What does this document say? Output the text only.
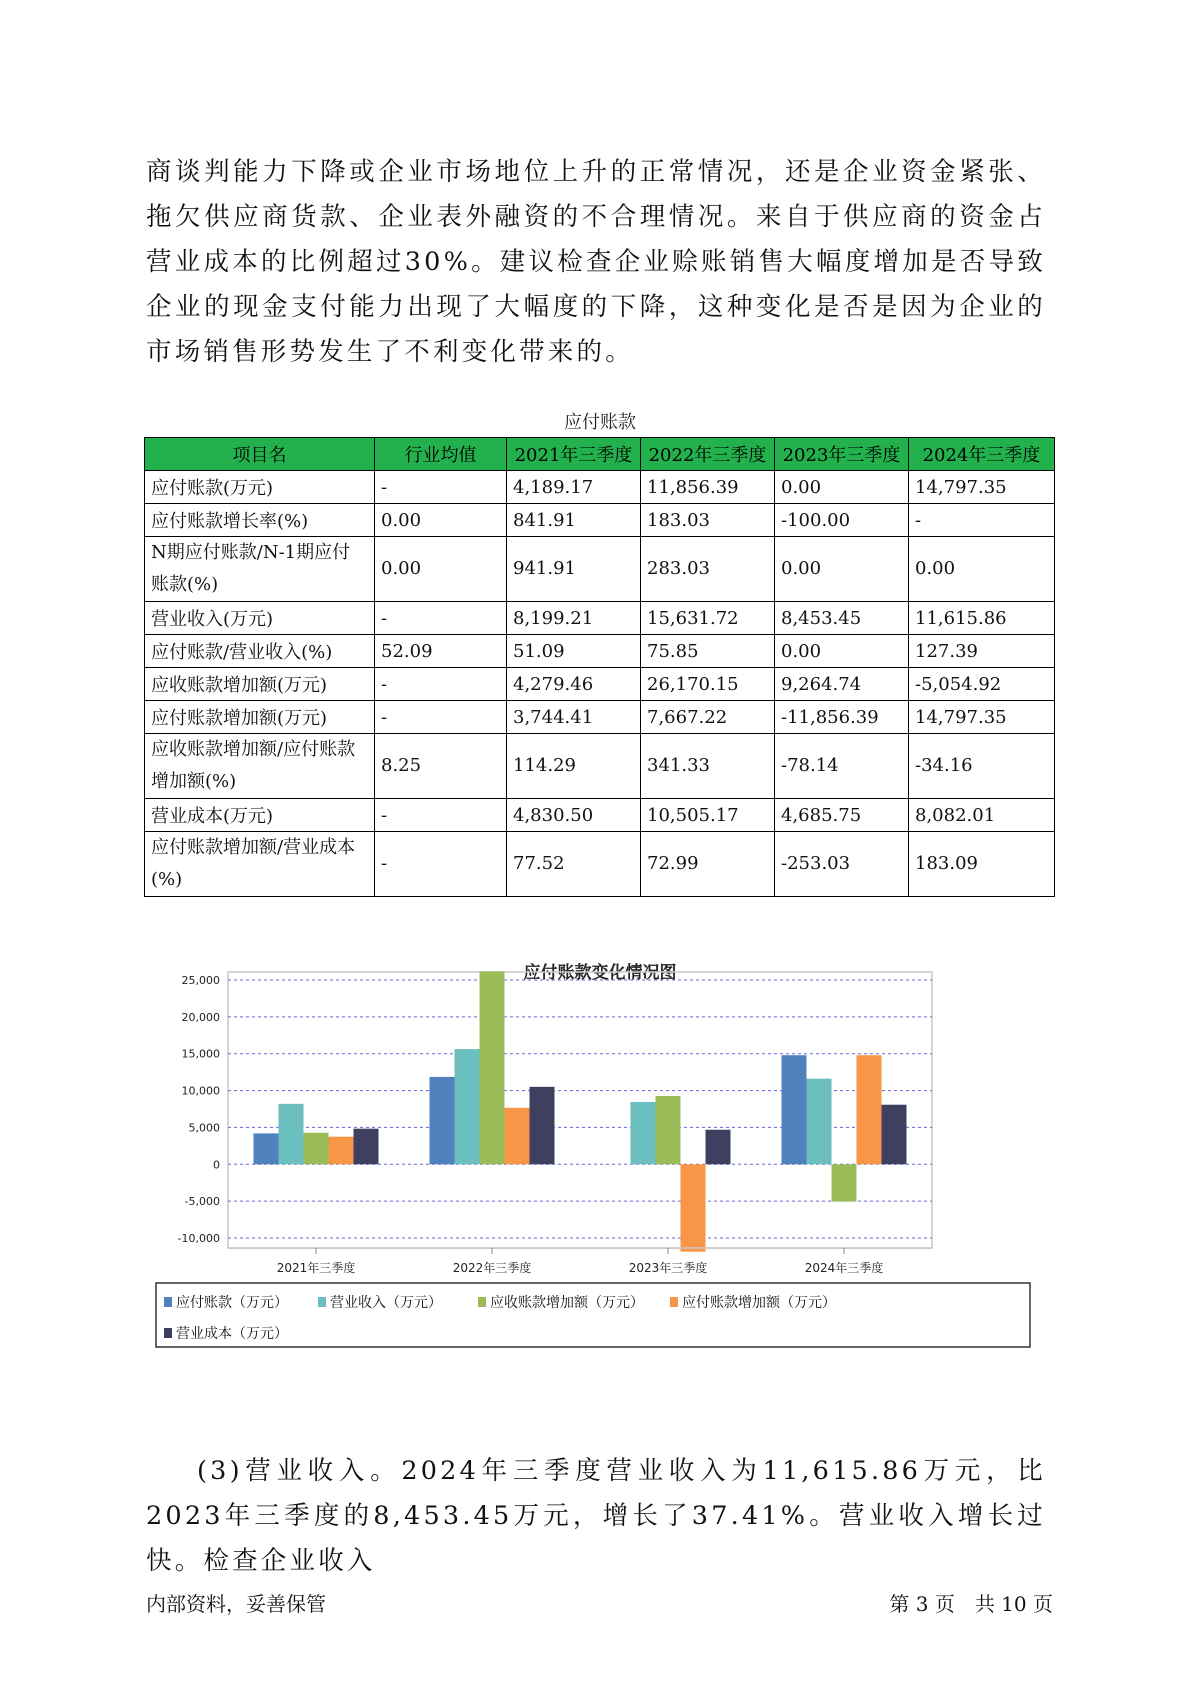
商谈判能力下降或企业市场地位上升的正常情况，还是企业资金紧张、拖欠供应商货款、企业表外融资的不合理情况。来自于供应商的资金占营业成本的比例超过30%。建议检查企业赊账销售大幅度增加是否导致企业的现金支付能力出现了大幅度的下降，这种变化是否是因为企业的市场销售形势发生了不利变化带来的。

应付账款
项目名	行业均值	2021年三季度	2022年三季度	2023年三季度	2024年三季度
应付账款(万元)	-	4,189.17	11,856.39	0.00	14,797.35
应付账款增长率(%)	0.00	841.91	183.03	-100.00	-
N期应付账款/N-1期应付账款(%)	0.00	941.91	283.03	0.00	0.00
营业收入(万元)	-	8,199.21	15,631.72	8,453.45	11,615.86
应付账款/营业收入(%)	52.09	51.09	75.85	0.00	127.39
应收账款增加额(万元)	-	4,279.46	26,170.15	9,264.74	-5,054.92
应付账款增加额(万元)	-	3,744.41	7,667.22	-11,856.39	14,797.35
应收账款增加额/应付账款增加额(%)	8.25	114.29	341.33	-78.14	-34.16
营业成本(万元)	-	4,830.50	10,505.17	4,685.75	8,082.01
应付账款增加额/营业成本(%)	-	77.52	72.99	-253.03	183.09
应付账款变化情况图
25,000
20,000
15,000
10,000
5,000
0
-5,000
-10,000
2021年三季度	2022年三季度	2023年三季度	2024年三季度
应付账款（万元）	营业收入（万元）	应收账款增加额（万元）	应付账款增加额（万元）
营业成本（万元）

(3)营业收入。2024年三季度营业收入为11,615.86万元，比2023年三季度的8,453.45万元，增长了37.41%。营业收入增长过快。检查企业收入

内部资料，妥善保管	第 3 页　共 10 页
